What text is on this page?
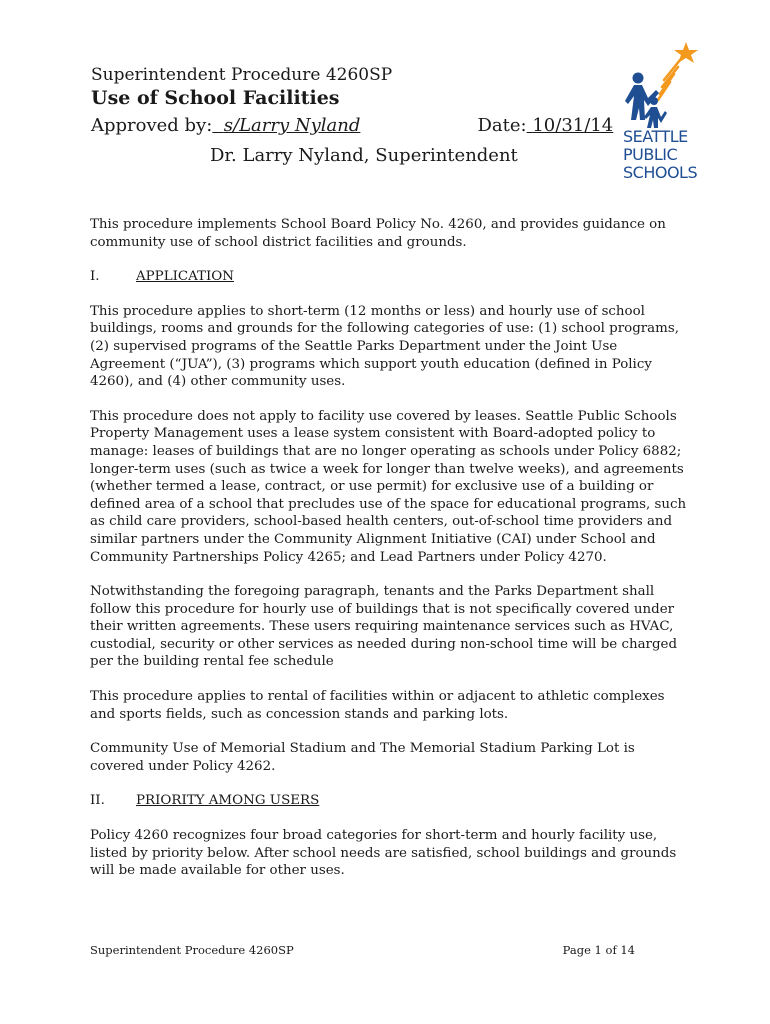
Superintendent Procedure 4260SP
Use of School Facilities
Approved by: s/Larry Nyland	Date: 10/31/14
Dr. Larry Nyland, Superintendent
SEATTLE
PUBLIC
SCHOOLS

This procedure implements School Board Policy No. 4260, and provides guidance on community use of school district facilities and grounds.

I.	APPLICATION

This procedure applies to short-term (12 months or less) and hourly use of school buildings, rooms and grounds for the following categories of use: (1) school programs, (2) supervised programs of the Seattle Parks Department under the Joint Use Agreement (“JUA”), (3) programs which support youth education (defined in Policy 4260), and (4) other community uses.

This procedure does not apply to facility use covered by leases. Seattle Public Schools Property Management uses a lease system consistent with Board-adopted policy to manage: leases of buildings that are no longer operating as schools under Policy 6882; longer-term uses (such as twice a week for longer than twelve weeks), and agreements (whether termed a lease, contract, or use permit) for exclusive use of a building or defined area of a school that precludes use of the space for educational programs, such as child care providers, school-based health centers, out-of-school time providers and similar partners under the Community Alignment Initiative (CAI) under School and Community Partnerships Policy 4265; and Lead Partners under Policy 4270.

Notwithstanding the foregoing paragraph, tenants and the Parks Department shall follow this procedure for hourly use of buildings that is not specifically covered under their written agreements. These users requiring maintenance services such as HVAC, custodial, security or other services as needed during non-school time will be charged per the building rental fee schedule

This procedure applies to rental of facilities within or adjacent to athletic complexes and sports fields, such as concession stands and parking lots.

Community Use of Memorial Stadium and The Memorial Stadium Parking Lot is covered under Policy 4262.

II.	PRIORITY AMONG USERS

Policy 4260 recognizes four broad categories for short-term and hourly facility use, listed by priority below. After school needs are satisfied, school buildings and grounds will be made available for other uses.

Superintendent Procedure 4260SP	Page 1 of 14
